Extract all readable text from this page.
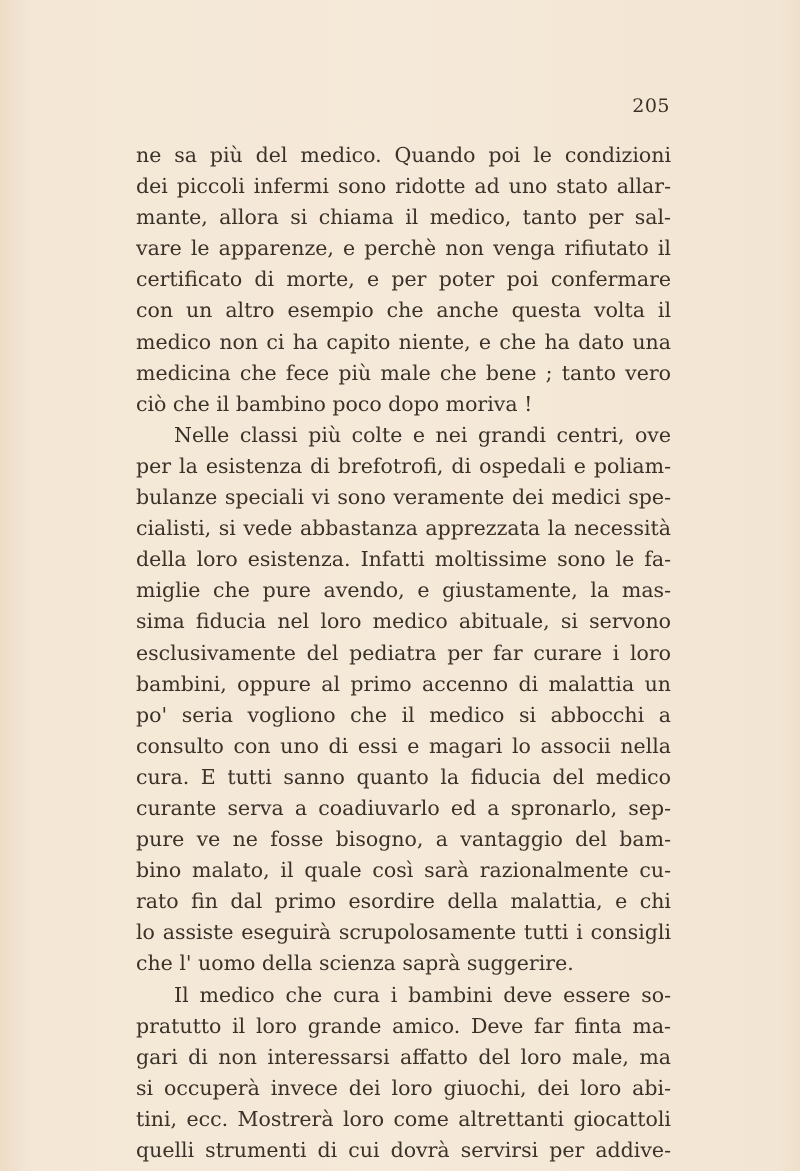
205
ne sa più del medico. Quando poi le condizioni
dei piccoli infermi sono ridotte ad uno stato allar-
mante, allora si chiama il medico, tanto per sal-
vare le apparenze, e perchè non venga rifiutato il
certificato di morte, e per poter poi confermare
con un altro esempio che anche questa volta il
medico non ci ha capito niente, e che ha dato una
medicina che fece più male che bene ; tanto vero
ciò che il bambino poco dopo moriva !
Nelle classi più colte e nei grandi centri, ove
per la esistenza di brefotrofi, di ospedali e poliam-
bulanze speciali vi sono veramente dei medici spe-
cialisti, si vede abbastanza apprezzata la necessità
della loro esistenza. Infatti moltissime sono le fa-
miglie che pure avendo, e giustamente, la mas-
sima fiducia nel loro medico abituale, si servono
esclusivamente del pediatra per far curare i loro
bambini, oppure al primo accenno di malattia un
po' seria vogliono che il medico si abbocchi a
consulto con uno di essi e magari lo associi nella
cura. E tutti sanno quanto la fiducia del medico
curante serva a coadiuvarlo ed a spronarlo, sep-
pure ve ne fosse bisogno, a vantaggio del bam-
bino malato, il quale così sarà razionalmente cu-
rato fin dal primo esordire della malattia, e chi
lo assiste eseguirà scrupolosamente tutti i consigli
che l' uomo della scienza saprà suggerire.
Il medico che cura i bambini deve essere so-
pratutto il loro grande amico. Deve far finta ma-
gari di non interessarsi affatto del loro male, ma
si occuperà invece dei loro giuochi, dei loro abi-
tini, ecc. Mostrerà loro come altrettanti giocattoli
quelli strumenti di cui dovrà servirsi per addive-
